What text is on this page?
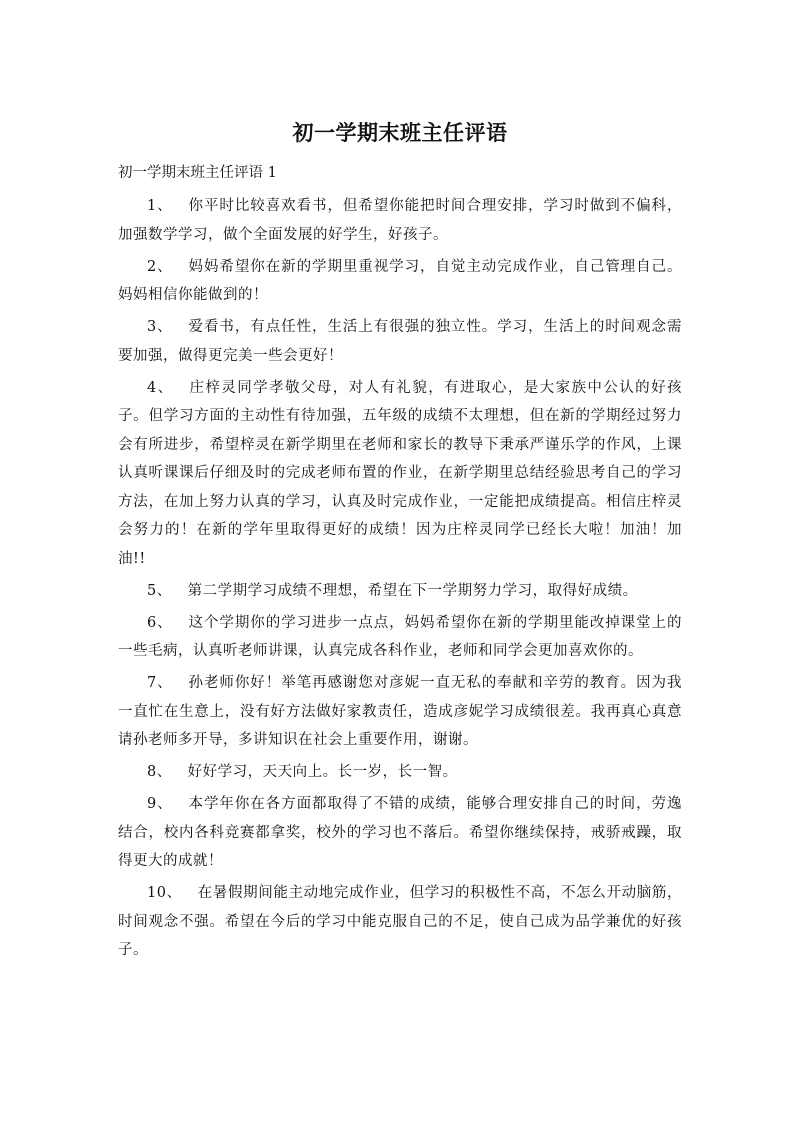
初一学期末班主任评语

初一学期末班主任评语 1

1、 你平时比较喜欢看书，但希望你能把时间合理安排，学习时做到不偏科，加强数学学习，做个全面发展的好学生，好孩子。

2、 妈妈希望你在新的学期里重视学习，自觉主动完成作业，自己管理自己。妈妈相信你能做到的！

3、 爱看书，有点任性，生活上有很强的独立性。学习，生活上的时间观念需要加强，做得更完美一些会更好！

4、 庄梓灵同学孝敬父母，对人有礼貌，有进取心，是大家族中公认的好孩子。但学习方面的主动性有待加强，五年级的成绩不太理想，但在新的学期经过努力会有所进步，希望梓灵在新学期里在老师和家长的教导下秉承严谨乐学的作风，上课认真听课课后仔细及时的完成老师布置的作业，在新学期里总结经验思考自己的学习方法，在加上努力认真的学习，认真及时完成作业，一定能把成绩提高。相信庄梓灵会努力的！在新的学年里取得更好的成绩！因为庄梓灵同学已经长大啦！加油！加油!!

5、 第二学期学习成绩不理想，希望在下一学期努力学习，取得好成绩。

6、 这个学期你的学习进步一点点，妈妈希望你在新的学期里能改掉课堂上的一些毛病，认真听老师讲课，认真完成各科作业，老师和同学会更加喜欢你的。

7、 孙老师你好！举笔再感谢您对彦妮一直无私的奉献和辛劳的教育。因为我一直忙在生意上，没有好方法做好家教责任，造成彦妮学习成绩很差。我再真心真意请孙老师多开导，多讲知识在社会上重要作用，谢谢。

8、 好好学习，天天向上。长一岁，长一智。

9、 本学年你在各方面都取得了不错的成绩，能够合理安排自己的时间，劳逸结合，校内各科竞赛都拿奖，校外的学习也不落后。希望你继续保持，戒骄戒躁，取得更大的成就！

10、 在暑假期间能主动地完成作业，但学习的积极性不高，不怎么开动脑筋，时间观念不强。希望在今后的学习中能克服自己的不足，使自己成为品学兼优的好孩子。
